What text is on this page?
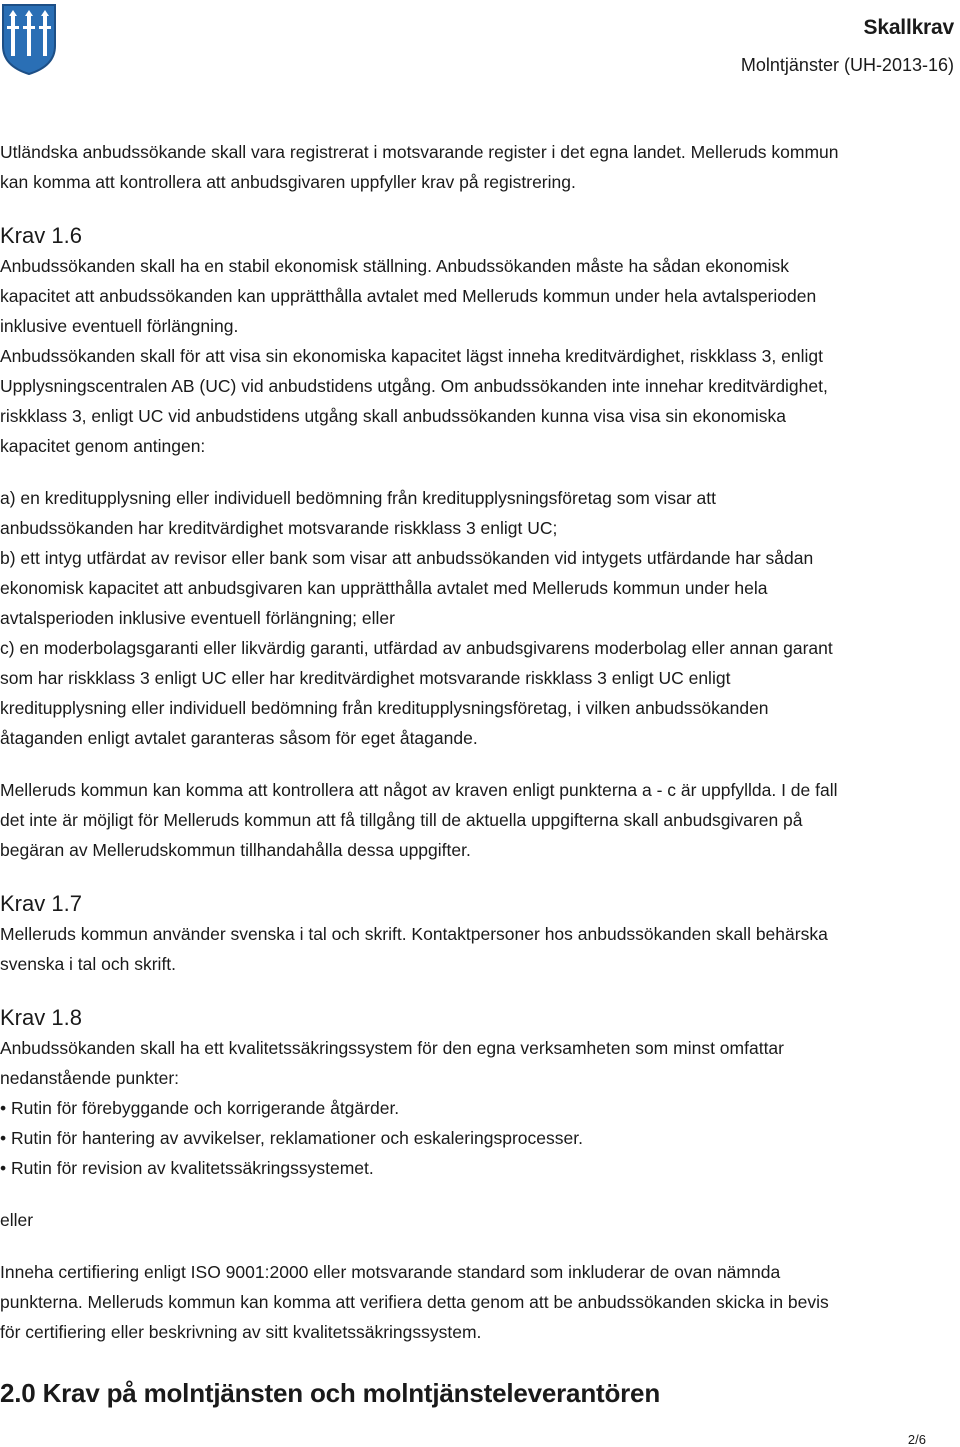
Skallkrav
Molntjänster (UH-2013-16)

Utländska anbudssökande skall vara registrerat i motsvarande register i det egna landet. Melleruds kommun

kan komma att kontrollera att anbudsgivaren uppfyller krav på registrering.

Krav 1.6

Anbudssökanden skall ha en stabil ekonomisk ställning. Anbudssökanden måste ha sådan ekonomisk

kapacitet att anbudssökanden kan upprätthålla avtalet med Melleruds kommun under hela avtalsperioden

inklusive eventuell förlängning.

Anbudssökanden skall för att visa sin ekonomiska kapacitet lägst inneha kreditvärdighet, riskklass 3, enligt

Upplysningscentralen AB (UC) vid anbudstidens utgång. Om anbudssökanden inte innehar kreditvärdighet,

riskklass 3, enligt UC vid anbudstidens utgång skall anbudssökanden kunna visa visa sin ekonomiska

kapacitet genom antingen:

a) en kreditupplysning eller individuell bedömning från kreditupplysningsföretag som visar att

anbudssökanden har kreditvärdighet motsvarande riskklass 3 enligt UC;

b) ett intyg utfärdat av revisor eller bank som visar att anbudssökanden vid intygets utfärdande har sådan

ekonomisk kapacitet att anbudsgivaren kan upprätthålla avtalet med Melleruds kommun under hela

avtalsperioden inklusive eventuell förlängning; eller

c) en moderbolagsgaranti eller likvärdig garanti, utfärdad av anbudsgivarens moderbolag eller annan garant

som har riskklass 3 enligt UC eller har kreditvärdighet motsvarande riskklass 3 enligt UC enligt

kreditupplysning eller individuell bedömning från kreditupplysningsföretag, i vilken anbudssökanden

åtaganden enligt avtalet garanteras såsom för eget åtagande.

Melleruds kommun kan komma att kontrollera att något av kraven enligt punkterna a - c är uppfyllda. I de fall

det inte är möjligt för Melleruds kommun att få tillgång till de aktuella uppgifterna skall anbudsgivaren på

begäran av Mellerudskommun tillhandahålla dessa uppgifter.

Krav 1.7

Melleruds kommun använder svenska i tal och skrift. Kontaktpersoner hos anbudssökanden skall behärska

svenska i tal och skrift.

Krav 1.8

Anbudssökanden skall ha ett kvalitetssäkringssystem för den egna verksamheten som minst omfattar

nedanstående punkter:

• Rutin för förebyggande och korrigerande åtgärder.

• Rutin för hantering av avvikelser, reklamationer och eskaleringsprocesser.

• Rutin för revision av kvalitetssäkringssystemet.

eller

Inneha certifiering enligt ISO 9001:2000 eller motsvarande standard som inkluderar de ovan nämnda

punkterna. Melleruds kommun kan komma att verifiera detta genom att be anbudssökanden skicka in bevis

för certifiering eller beskrivning av sitt kvalitetssäkringssystem.

2.0 Krav på molntjänsten och molntjänsteleverantören
2/6
